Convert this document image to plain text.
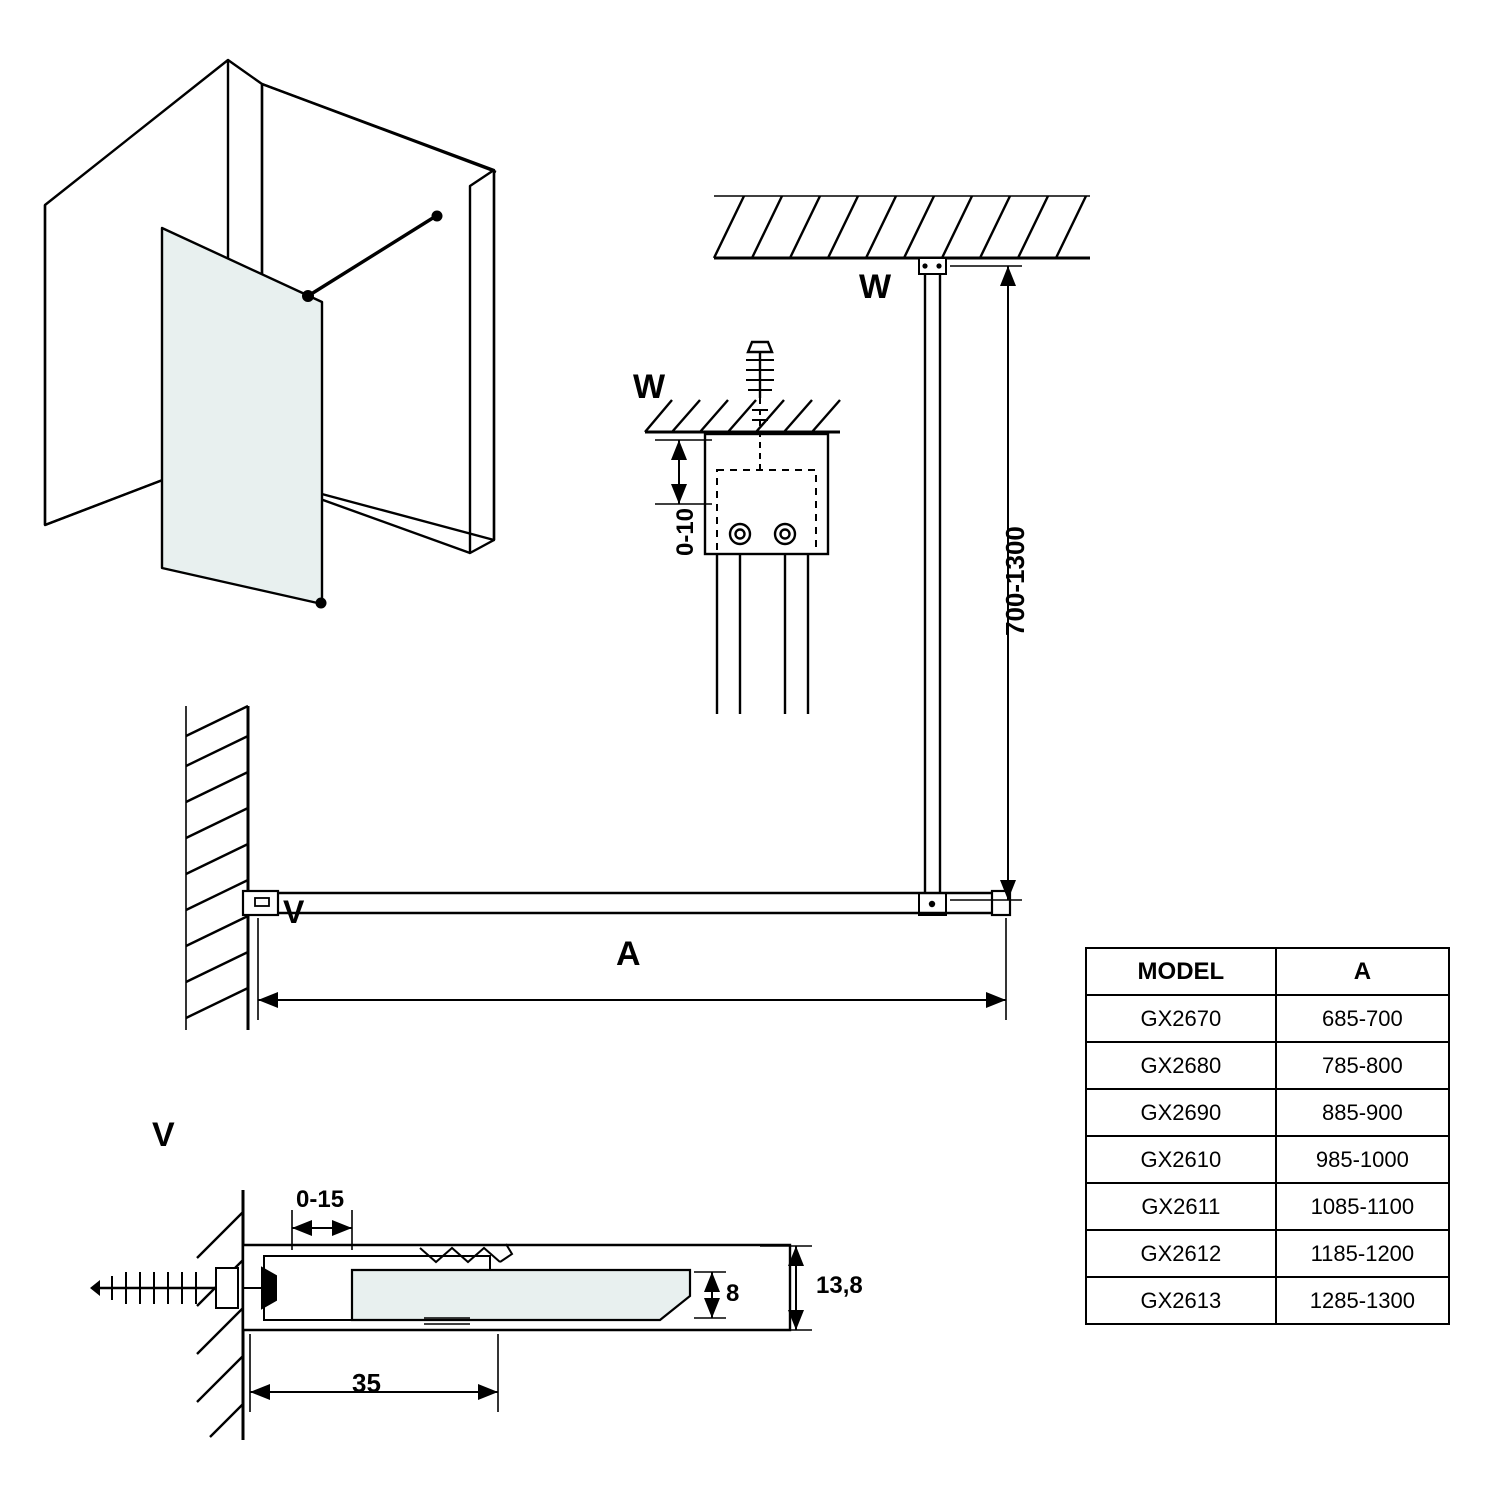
W
W
V
V
0-10	700-1300
A
0-15
8	13,8
35
MODEL	A
GX2670	685-700
GX2680	785-800
GX2690	885-900
GX2610	985-1000
GX2611	1085-1100
GX2612	1185-1200
GX2613	1285-1300
